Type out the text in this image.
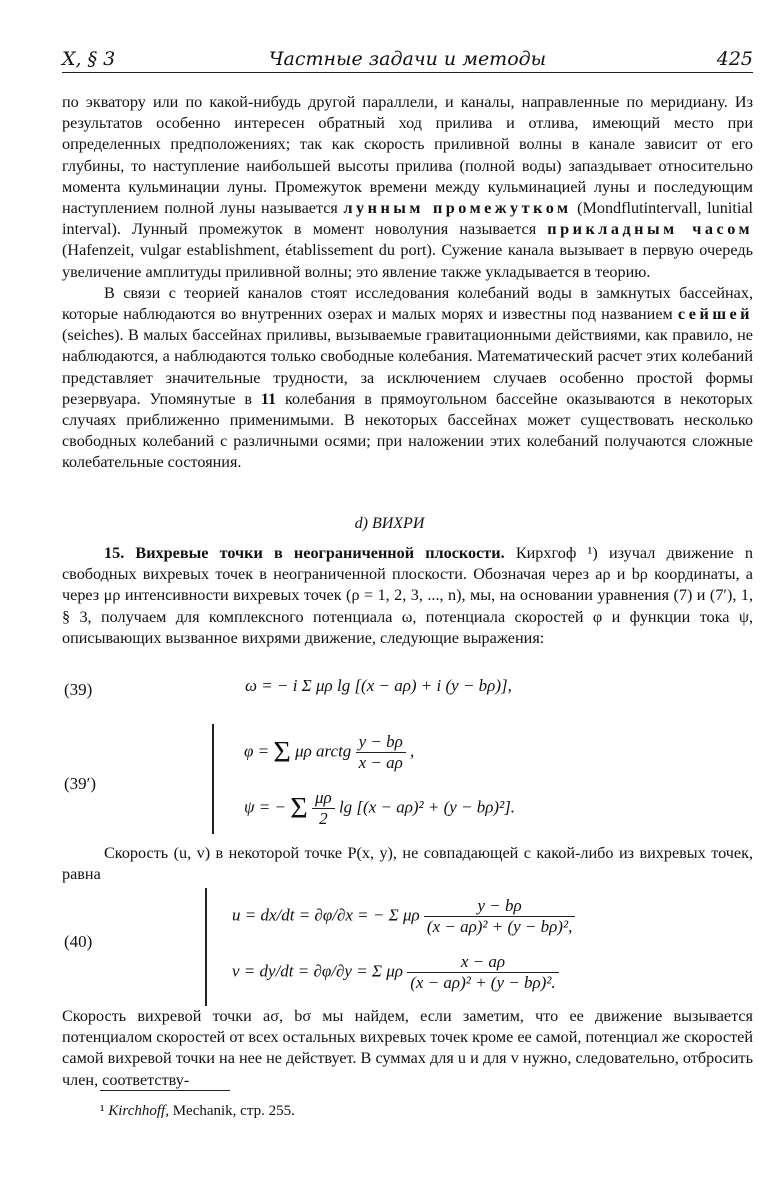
X, § 3	Частные задачи и методы	425

по экватору или по какой-нибудь другой параллели, и каналы, направленные по меридиану. Из результатов особенно интересен обратный ход прилива и отлива, имеющий место при определенных предположениях; так как скорость приливной волны в канале зависит от его глубины, то наступление наибольшей высоты прилива (полной воды) запаздывает относительно момента кульминации луны. Промежуток времени между кульминацией луны и последующим наступлением полной луны называется лунным промежутком (Mondflutintervall, lunitial interval). Лунный промежуток в момент новолуния называется прикладным часом (Hafenzeit, vulgar establishment, établissement du port). Сужение канала вызывает в первую очередь увеличение амплитуды приливной волны; это явление также укладывается в теорию.

В связи с теорией каналов стоят исследования колебаний воды в замкнутых бассейнах, которые наблюдаются во внутренних озерах и малых морях и известны под названием сейшей (seiches). В малых бассейнах приливы, вызываемые гравитационными действиями, как правило, не наблюдаются, а наблюдаются только свободные колебания. Математический расчет этих колебаний представляет значительные трудности, за исключением случаев особенно простой формы резервуара. Упомянутые в 11 колебания в прямоугольном бассейне оказываются в некоторых случаях приближенно применимыми. В некоторых бассейнах может существовать несколько свободных колебаний с различными осями; при наложении этих колебаний получаются сложные колебательные состояния.

d) ВИХРИ

15. Вихревые точки в неограниченной плоскости. Кирхгоф ¹) изучал движение n свободных вихревых точек в неограниченной плоскости. Обозначая через aρ и bρ координаты, а через μρ интенсивности вихревых точек (ρ = 1, 2, 3, ..., n), мы, на основании уравнения (7) и (7′), 1, § 3, получаем для комплексного потенциала ω, потенциала скоростей φ и функции тока ψ, описывающих вызванное вихрями движение, следующие выражения:

(39)	ω = − i Σ μρ lg [(x − aρ) + i (y − bρ)],
(39′)
φ = Σ μρ arctg $\frac{y - b\rho}{x - a\rho}$ ,
ψ = − Σ $\frac{\mu\rho}{2}$ lg [(x − aρ)² + (y − bρ)²].

Скорость (u, v) в некоторой точке P(x, y), не совпадающей с какой-либо из вихревых точек, равна

(40)
u = dx/dt = ∂φ/∂x = − Σ μρ $\frac{y - b\rho}{\text{(x − aρ)² + (y − bρ)²,}}$
v = dy/dt = ∂φ/∂y = Σ μρ $\frac{x - a\rho}{\text{(x − aρ)² + (y − bρ)².}}$

Скорость вихревой точки aσ, bσ мы найдем, если заметим, что ее движение вызывается потенциалом скоростей от всех остальных вихревых точек кроме ее самой, потенциал же скоростей самой вихревой точки на нее не действует. В суммах для u и для v нужно, следовательно, отбросить член, соответству-

¹ Kirchhoff, Mechanik, стр. 255.
